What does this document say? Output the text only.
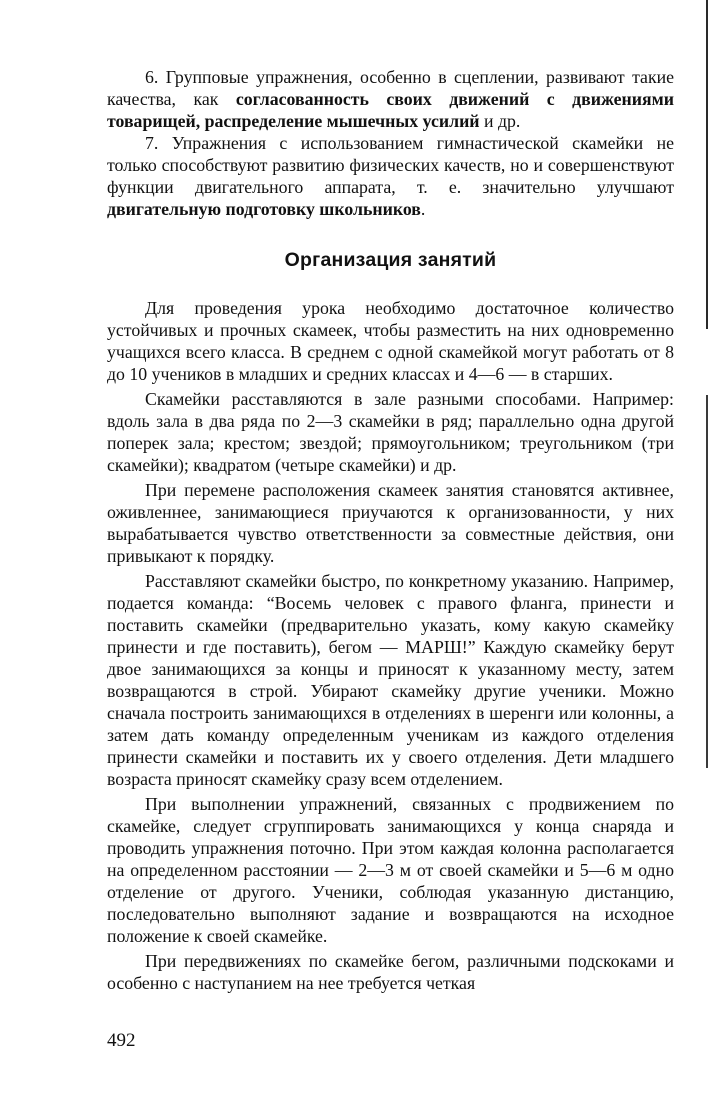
6. Групповые упражнения, особенно в сцеплении, развивают такие качества, как согласованность своих движений с движениями товарищей, распределение мышечных усилий и др.

7. Упражнения с использованием гимнастической скамейки не только способствуют развитию физических качеств, но и совершенствуют функции двигательного аппарата, т. е. значительно улучшают двигательную подготовку школьников.

Организация занятий

Для проведения урока необходимо достаточное количество устойчивых и прочных скамеек, чтобы разместить на них одновременно учащихся всего класса. В среднем с одной скамейкой могут работать от 8 до 10 учеников в младших и средних классах и 4—6 — в старших.

Скамейки расставляются в зале разными способами. Например: вдоль зала в два ряда по 2—3 скамейки в ряд; параллельно одна другой поперек зала; крестом; звездой; прямоугольником; треугольником (три скамейки); квадратом (четыре скамейки) и др.

При перемене расположения скамеек занятия становятся активнее, оживленнее, занимающиеся приучаются к организованности, у них вырабатывается чувство ответственности за совместные действия, они привыкают к порядку.

Расставляют скамейки быстро, по конкретному указанию. Например, подается команда: “Восемь человек с правого фланга, принести и поставить скамейки (предварительно указать, кому какую скамейку принести и где поставить), бегом — МАРШ!” Каждую скамейку берут двое занимающихся за концы и приносят к указанному месту, затем возвращаются в строй. Убирают скамейку другие ученики. Можно сначала построить занимающихся в отделениях в шеренги или колонны, а затем дать команду определенным ученикам из каждого отделения принести скамейки и поставить их у своего отделения. Дети младшего возраста приносят скамейку сразу всем отделением.

При выполнении упражнений, связанных с продвижением по скамейке, следует сгруппировать занимающихся у конца снаряда и проводить упражнения поточно. При этом каждая колонна располагается на определенном расстоянии — 2—3 м от своей скамейки и 5—6 м одно отделение от другого. Ученики, соблюдая указанную дистанцию, последовательно выполняют задание и возвращаются на исходное положение к своей скамейке.

При передвижениях по скамейке бегом, различными подскоками и особенно с наступанием на нее требуется четкая

492
